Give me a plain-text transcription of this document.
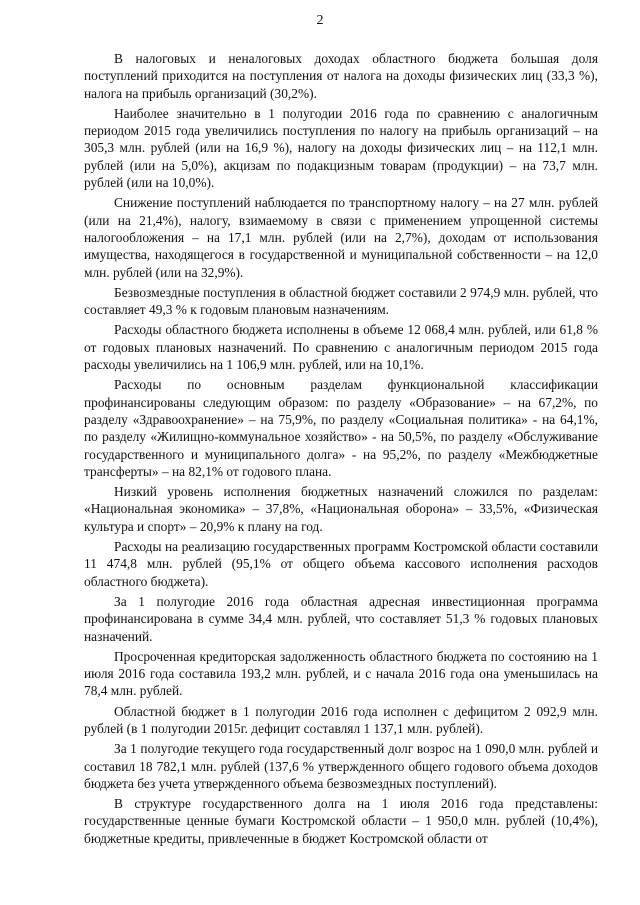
2

В налоговых и неналоговых доходах областного бюджета большая доля поступлений приходится на поступления от налога на доходы физических лиц (33,3 %), налога на прибыль организаций (30,2%).

Наиболее значительно в 1 полугодии 2016 года по сравнению с аналогичным периодом 2015 года увеличились поступления по налогу на прибыль организаций – на 305,3 млн. рублей (или на 16,9 %), налогу на доходы физических лиц – на 112,1 млн. рублей (или на 5,0%), акцизам по подакцизным товарам (продукции) – на 73,7 млн. рублей (или на 10,0%).

Снижение поступлений наблюдается по транспортному налогу – на 27 млн. рублей (или на 21,4%), налогу, взимаемому в связи с применением упрощенной системы налогообложения – на 17,1 млн. рублей (или на 2,7%), доходам от использования имущества, находящегося в государственной и муниципальной собственности – на 12,0 млн. рублей (или на 32,9%).

Безвозмездные поступления в областной бюджет составили 2 974,9 млн. рублей, что составляет 49,3 % к годовым плановым назначениям.

Расходы областного бюджета исполнены в объеме 12 068,4 млн. рублей, или 61,8 % от годовых плановых назначений. По сравнению с аналогичным периодом 2015 года расходы увеличились на 1 106,9 млн. рублей, или на 10,1%.

Расходы по основным разделам функциональной классификации профинансированы следующим образом: по разделу «Образование» – на 67,2%, по разделу «Здравоохранение» – на 75,9%, по разделу «Социальная политика» - на 64,1%, по разделу «Жилищно-коммунальное хозяйство» - на 50,5%, по разделу «Обслуживание государственного и муниципального долга» - на 95,2%, по разделу «Межбюджетные трансферты» – на 82,1% от годового плана.

Низкий уровень исполнения бюджетных назначений сложился по разделам: «Национальная экономика» – 37,8%, «Национальная оборона» – 33,5%, «Физическая культура и спорт» – 20,9% к плану на год.

Расходы на реализацию государственных программ Костромской области составили 11 474,8 млн. рублей (95,1% от общего объема кассового исполнения расходов областного бюджета).

За 1 полугодие 2016 года областная адресная инвестиционная программа профинансирована в сумме 34,4 млн. рублей, что составляет 51,3 % годовых плановых назначений.

Просроченная кредиторская задолженность областного бюджета по состоянию на 1 июля 2016 года составила 193,2 млн. рублей, и с начала 2016 года она уменьшилась на 78,4 млн. рублей.

Областной бюджет в 1 полугодии 2016 года исполнен с дефицитом 2 092,9 млн. рублей (в 1 полугодии 2015г. дефицит составлял 1 137,1 млн. рублей).

За 1 полугодие текущего года государственный долг возрос на 1 090,0 млн. рублей и составил 18 782,1 млн. рублей (137,6 % утвержденного общего годового объема доходов бюджета без учета утвержденного объема безвозмездных поступлений).

В структуре государственного долга на 1 июля 2016 года представлены: государственные ценные бумаги Костромской области – 1 950,0 млн. рублей (10,4%), бюджетные кредиты, привлеченные в бюджет Костромской области от
